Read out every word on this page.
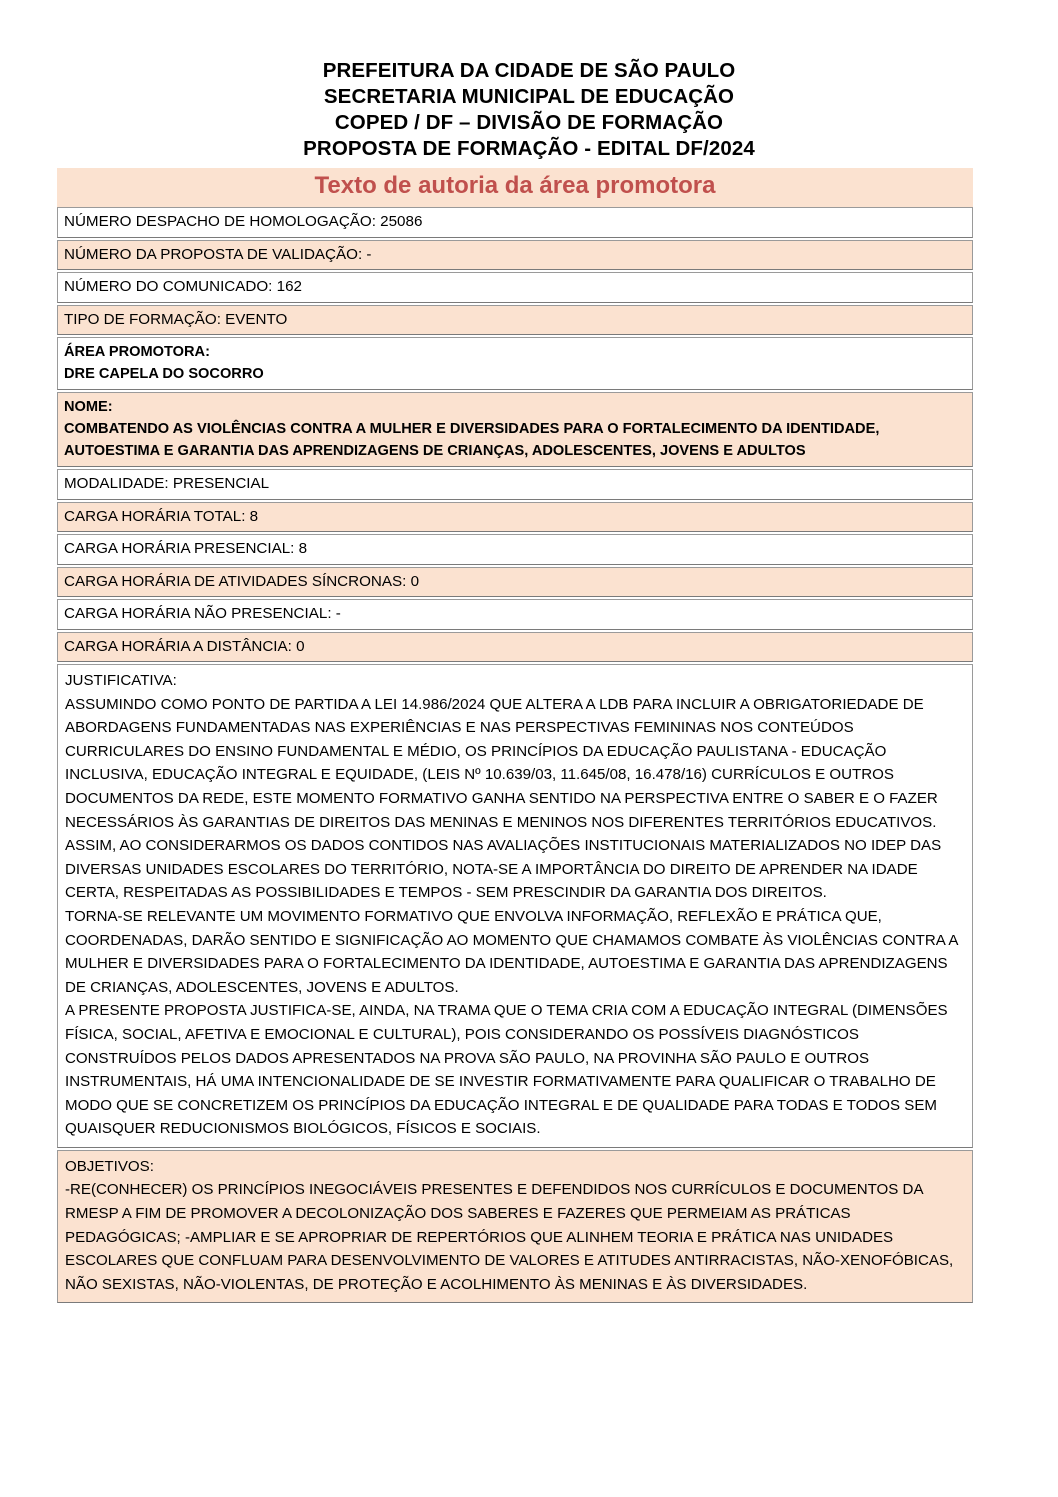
PREFEITURA DA CIDADE DE SÃO PAULO
SECRETARIA MUNICIPAL DE EDUCAÇÃO
COPED / DF – DIVISÃO DE FORMAÇÃO
PROPOSTA DE FORMAÇÃO - EDITAL DF/2024
Texto de autoria da área promotora

NÚMERO DESPACHO DE HOMOLOGAÇÃO: 25086

NÚMERO DA PROPOSTA DE VALIDAÇÃO: -

NÚMERO DO COMUNICADO: 162

TIPO DE FORMAÇÃO: EVENTO

ÁREA PROMOTORA:

DRE CAPELA DO SOCORRO

NOME:

COMBATENDO AS VIOLÊNCIAS CONTRA A MULHER E DIVERSIDADES PARA O FORTALECIMENTO DA IDENTIDADE, AUTOESTIMA E GARANTIA DAS APRENDIZAGENS DE CRIANÇAS, ADOLESCENTES, JOVENS E ADULTOS

MODALIDADE: PRESENCIAL

CARGA HORÁRIA TOTAL: 8

CARGA HORÁRIA PRESENCIAL: 8

CARGA HORÁRIA DE ATIVIDADES SÍNCRONAS: 0

CARGA HORÁRIA NÃO PRESENCIAL: -

CARGA HORÁRIA A DISTÂNCIA: 0

JUSTIFICATIVA:

ASSUMINDO COMO PONTO DE PARTIDA A LEI 14.986/2024 QUE ALTERA A LDB PARA INCLUIR A OBRIGATORIEDADE DE ABORDAGENS FUNDAMENTADAS NAS EXPERIÊNCIAS E NAS PERSPECTIVAS FEMININAS NOS CONTEÚDOS CURRICULARES DO ENSINO FUNDAMENTAL E MÉDIO, OS PRINCÍPIOS DA EDUCAÇÃO PAULISTANA - EDUCAÇÃO INCLUSIVA, EDUCAÇÃO INTEGRAL E EQUIDADE, (LEIS Nº 10.639/03, 11.645/08, 16.478/16) CURRÍCULOS E OUTROS DOCUMENTOS DA REDE, ESTE MOMENTO FORMATIVO GANHA SENTIDO NA PERSPECTIVA ENTRE O SABER E O FAZER NECESSÁRIOS ÀS GARANTIAS DE DIREITOS DAS MENINAS E MENINOS NOS DIFERENTES TERRITÓRIOS EDUCATIVOS.

ASSIM, AO CONSIDERARMOS OS DADOS CONTIDOS NAS AVALIAÇÕES INSTITUCIONAIS MATERIALIZADOS NO IDEP DAS DIVERSAS UNIDADES ESCOLARES DO TERRITÓRIO, NOTA-SE A IMPORTÂNCIA DO DIREITO DE APRENDER NA IDADE CERTA, RESPEITADAS AS POSSIBILIDADES E TEMPOS - SEM PRESCINDIR DA GARANTIA DOS DIREITOS.

TORNA-SE RELEVANTE UM MOVIMENTO FORMATIVO QUE ENVOLVA INFORMAÇÃO, REFLEXÃO E PRÁTICA QUE, COORDENADAS, DARÃO SENTIDO E SIGNIFICAÇÃO AO MOMENTO QUE CHAMAMOS COMBATE ÀS VIOLÊNCIAS CONTRA A MULHER E DIVERSIDADES PARA O FORTALECIMENTO DA IDENTIDADE, AUTOESTIMA E GARANTIA DAS APRENDIZAGENS DE CRIANÇAS, ADOLESCENTES, JOVENS E ADULTOS.

A PRESENTE PROPOSTA JUSTIFICA-SE, AINDA, NA TRAMA QUE O TEMA CRIA COM A EDUCAÇÃO INTEGRAL (DIMENSÕES FÍSICA, SOCIAL, AFETIVA E EMOCIONAL E CULTURAL), POIS CONSIDERANDO OS POSSÍVEIS DIAGNÓSTICOS CONSTRUÍDOS PELOS DADOS APRESENTADOS NA PROVA SÃO PAULO, NA PROVINHA SÃO PAULO E OUTROS INSTRUMENTAIS, HÁ UMA INTENCIONALIDADE DE SE INVESTIR FORMATIVAMENTE PARA QUALIFICAR O TRABALHO DE MODO QUE SE CONCRETIZEM OS PRINCÍPIOS DA EDUCAÇÃO INTEGRAL E DE QUALIDADE PARA TODAS E TODOS SEM QUAISQUER REDUCIONISMOS BIOLÓGICOS, FÍSICOS E SOCIAIS.

OBJETIVOS:

-RE(CONHECER) OS PRINCÍPIOS INEGOCIÁVEIS PRESENTES E DEFENDIDOS NOS CURRÍCULOS E DOCUMENTOS DA RMESP A FIM DE PROMOVER A DECOLONIZAÇÃO DOS SABERES E FAZERES QUE PERMEIAM AS PRÁTICAS PEDAGÓGICAS; -AMPLIAR E SE APROPRIAR DE REPERTÓRIOS QUE ALINHEM TEORIA E PRÁTICA NAS UNIDADES ESCOLARES QUE CONFLUAM PARA DESENVOLVIMENTO DE VALORES E ATITUDES ANTIRRACISTAS, NÃO-XENOFÓBICAS, NÃO SEXISTAS, NÃO-VIOLENTAS, DE PROTEÇÃO E ACOLHIMENTO ÀS MENINAS E ÀS DIVERSIDADES.
